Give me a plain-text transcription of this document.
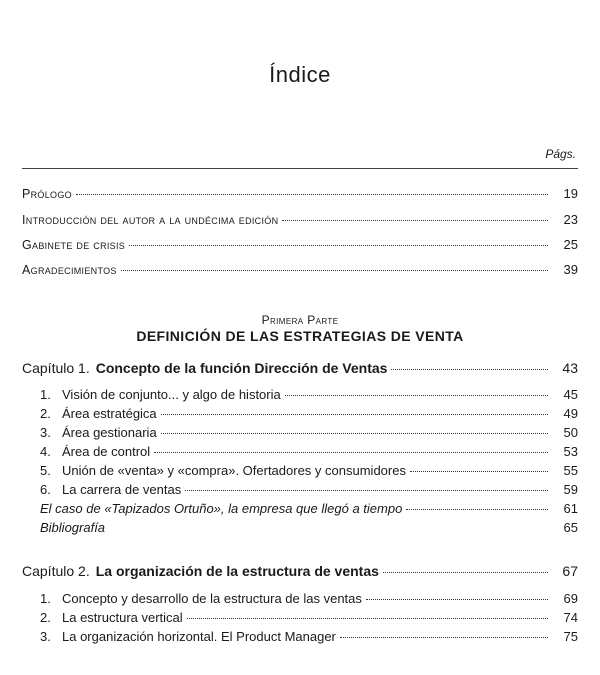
Índice
Págs.
Prólogo	19
Introducción del autor a la undécima edición	23
Gabinete de crisis	25
Agradecimientos	39
Primera Parte
DEFINICIÓN DE LAS ESTRATEGIAS DE VENTA
Capítulo 1. Concepto de la función Dirección de Ventas	43
1. Visión de conjunto... y algo de historia	45
2. Área estratégica	49
3. Área gestionaria	50
4. Área de control	53
5. Unión de «venta» y «compra». Ofertadores y consumidores	55
6. La carrera de ventas	59
El caso de «Tapizados Ortuño», la empresa que llegó a tiempo	61
Bibliografía	65
Capítulo 2. La organización de la estructura de ventas	67
1. Concepto y desarrollo de la estructura de las ventas	69
2. La estructura vertical	74
3. La organización horizontal. El Product Manager	75
